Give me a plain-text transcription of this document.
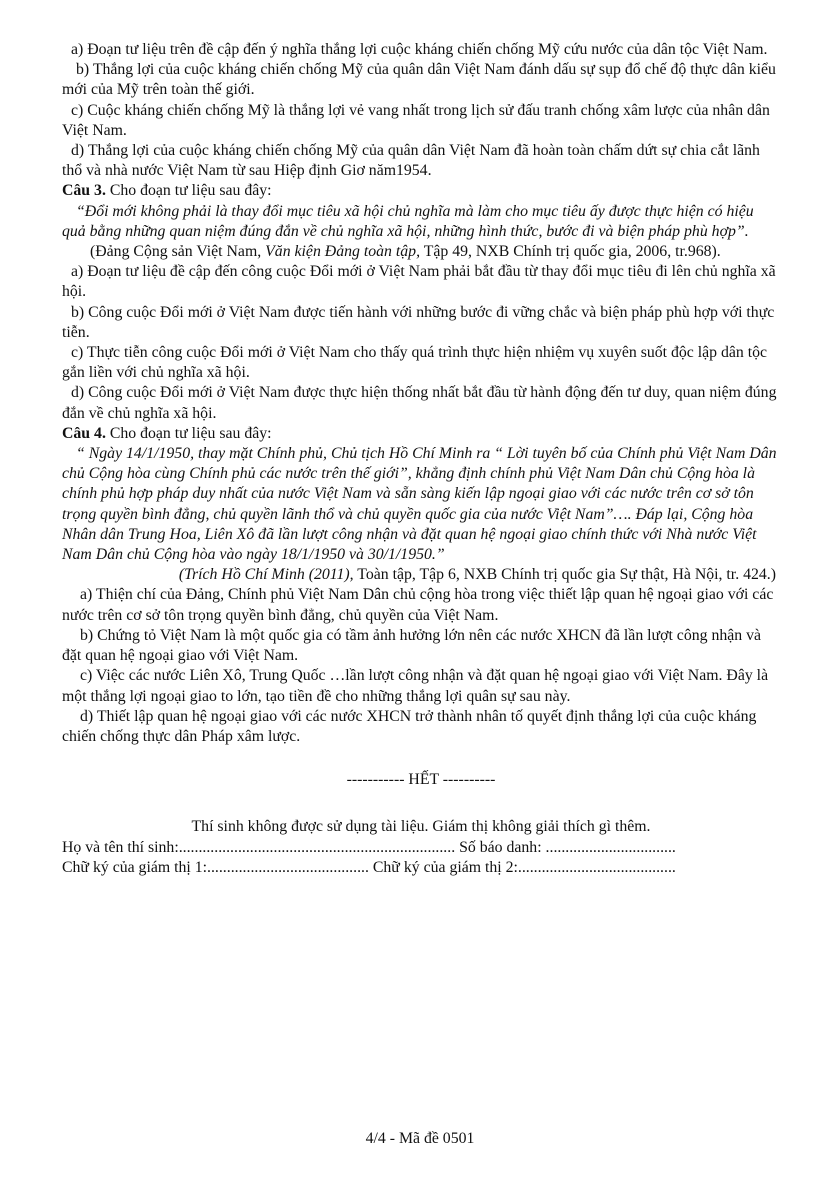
a) Đoạn tư liệu trên đề cập đến ý nghĩa thắng lợi cuộc kháng chiến chống Mỹ cứu nước của dân tộc Việt Nam.

b) Thắng lợi của cuộc kháng chiến chống Mỹ của quân dân Việt Nam đánh dấu sự sụp đổ chế độ thực dân kiểu mới của Mỹ trên toàn thế giới.

c) Cuộc kháng chiến chống Mỹ là thắng lợi vẻ vang nhất trong lịch sử đấu tranh chống xâm lược của nhân dân Việt Nam.

d) Thắng lợi của cuộc kháng chiến chống Mỹ của quân dân Việt Nam đã hoàn toàn chấm dứt sự chia cắt lãnh thổ và nhà nước Việt Nam từ sau Hiệp định Giơ năm1954.

Câu 3. Cho đoạn tư liệu sau đây:

“Đổi mới không phải là thay đổi mục tiêu xã hội chủ nghĩa mà làm cho mục tiêu ấy được thực hiện có hiệu quả bằng những quan niệm đúng đắn về chủ nghĩa xã hội, những hình thức, bước đi và biện pháp phù hợp”.

(Đảng Cộng sản Việt Nam, Văn kiện Đảng toàn tập, Tập 49, NXB Chính trị quốc gia, 2006, tr.968).

a) Đoạn tư liệu đề cập đến công cuộc Đổi mới ở Việt Nam phải bắt đầu từ thay đổi mục tiêu đi lên chủ nghĩa xã hội.

b) Công cuộc Đổi mới ở Việt Nam được tiến hành với những bước đi vững chắc và biện pháp phù hợp với thực tiễn.

c) Thực tiễn công cuộc Đổi mới ở Việt Nam cho thấy quá trình thực hiện nhiệm vụ xuyên suốt độc lập dân tộc gắn liền với chủ nghĩa xã hội.

d) Công cuộc Đổi mới ở Việt Nam được thực hiện thống nhất bắt đầu từ hành động đến tư duy, quan niệm đúng đắn về chủ nghĩa xã hội.

Câu 4. Cho đoạn tư liệu sau đây:

“ Ngày 14/1/1950, thay mặt Chính phủ, Chủ tịch Hồ Chí Minh ra “ Lời tuyên bố của Chính phủ Việt Nam Dân chủ Cộng hòa cùng Chính phủ các nước trên thế giới”, khẳng định chính phủ Việt Nam Dân chủ Cộng hòa là chính phủ hợp pháp duy nhất của nước Việt Nam và sẵn sàng kiến lập ngoại giao với các nước trên cơ sở tôn trọng quyền bình đẳng, chủ quyền lãnh thổ và chủ quyền quốc gia của nước Việt Nam”…. Đáp lại, Cộng hòa Nhân dân Trung Hoa, Liên Xô đã lần lượt công nhận và đặt quan hệ ngoại giao chính thức với Nhà nước Việt Nam Dân chủ Cộng hòa vào ngày 18/1/1950 và 30/1/1950.”

(Trích Hồ Chí Minh (2011), Toàn tập, Tập 6, NXB Chính trị quốc gia Sự thật, Hà Nội, tr. 424.)

a) Thiện chí của Đảng, Chính phủ Việt Nam Dân chủ cộng hòa trong việc thiết lập quan hệ ngoại giao với các nước trên cơ sở tôn trọng quyền bình đẳng, chủ quyền của Việt Nam.

b) Chứng tỏ Việt Nam là một quốc gia có tầm ảnh hưởng lớn nên các nước XHCN đã lần lượt công nhận và đặt quan hệ ngoại giao với Việt Nam.

c) Việc các nước Liên Xô, Trung Quốc …lần lượt công nhận và đặt quan hệ ngoại giao với Việt Nam. Đây là một thắng lợi ngoại giao to lớn, tạo tiền đề cho những thắng lợi quân sự sau này.

d) Thiết lập quan hệ ngoại giao với các nước XHCN trở thành nhân tố quyết định thắng lợi của cuộc kháng chiến chống thực dân Pháp xâm lược.

----------- HẾT ----------

Thí sinh không được sử dụng tài liệu. Giám thị không giải thích gì thêm.

Họ và tên thí sinh:...................................................................... Số báo danh: .................................

Chữ ký của giám thị 1:......................................... Chữ ký của giám thị 2:........................................

4/4 - Mã đề 0501
